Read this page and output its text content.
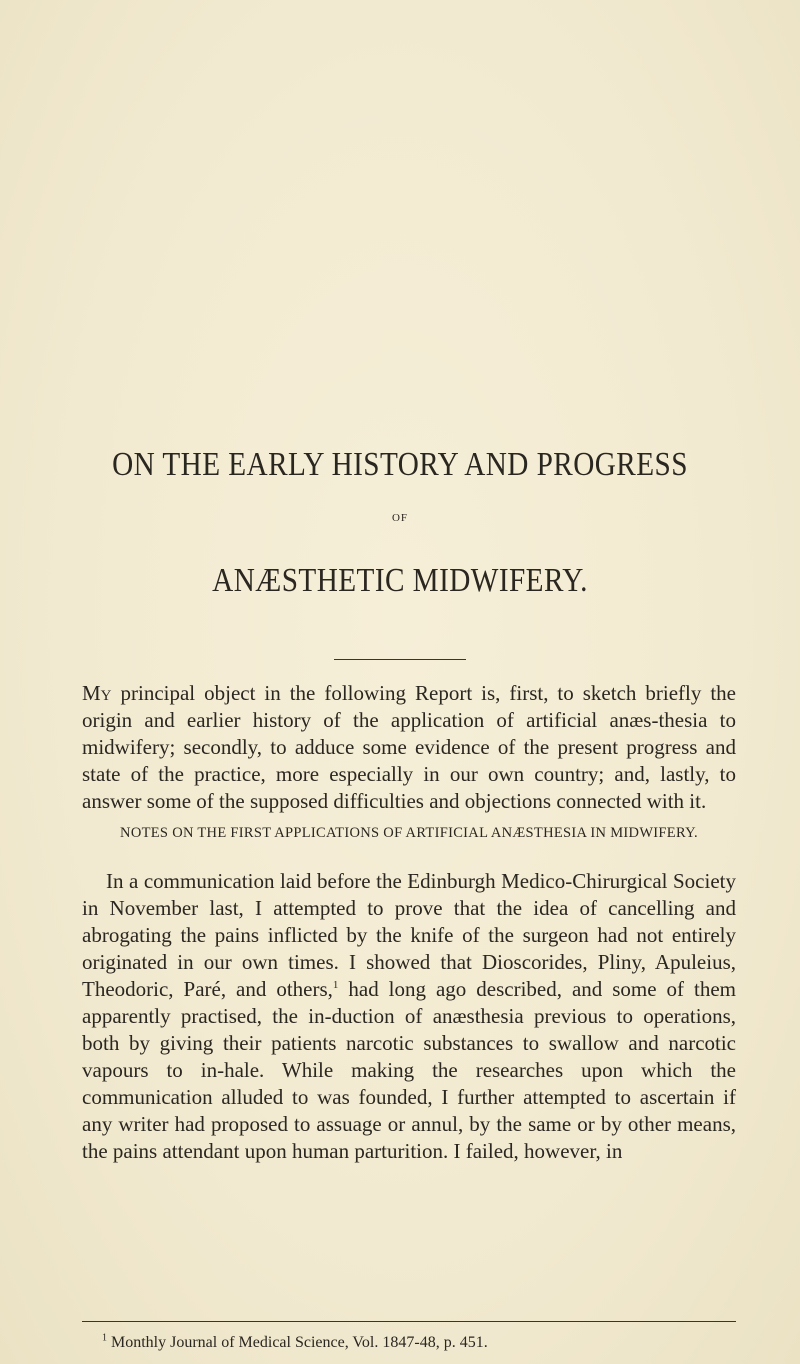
ON THE EARLY HISTORY AND PROGRESS
OF
ANÆSTHETIC MIDWIFERY.
My principal object in the following Report is, first, to sketch briefly the origin and earlier history of the application of artificial anæs-thesia to midwifery; secondly, to adduce some evidence of the present progress and state of the practice, more especially in our own country; and, lastly, to answer some of the supposed difficulties and objections connected with it.
NOTES ON THE FIRST APPLICATIONS OF ARTIFICIAL ANÆSTHESIA IN MIDWIFERY.
In a communication laid before the Edinburgh Medico-Chirurgical Society in November last, I attempted to prove that the idea of cancelling and abrogating the pains inflicted by the knife of the surgeon had not entirely originated in our own times. I showed that Dioscorides, Pliny, Apuleius, Theodoric, Paré, and others,$^1$ had long ago described, and some of them apparently practised, the in-duction of anæsthesia previous to operations, both by giving their patients narcotic substances to swallow and narcotic vapours to in-hale. While making the researches upon which the communication alluded to was founded, I further attempted to ascertain if any writer had proposed to assuage or annul, by the same or by other means, the pains attendant upon human parturition. I failed, however, in
$^1$ Monthly Journal of Medical Science, Vol. 1847-48, p. 451.
